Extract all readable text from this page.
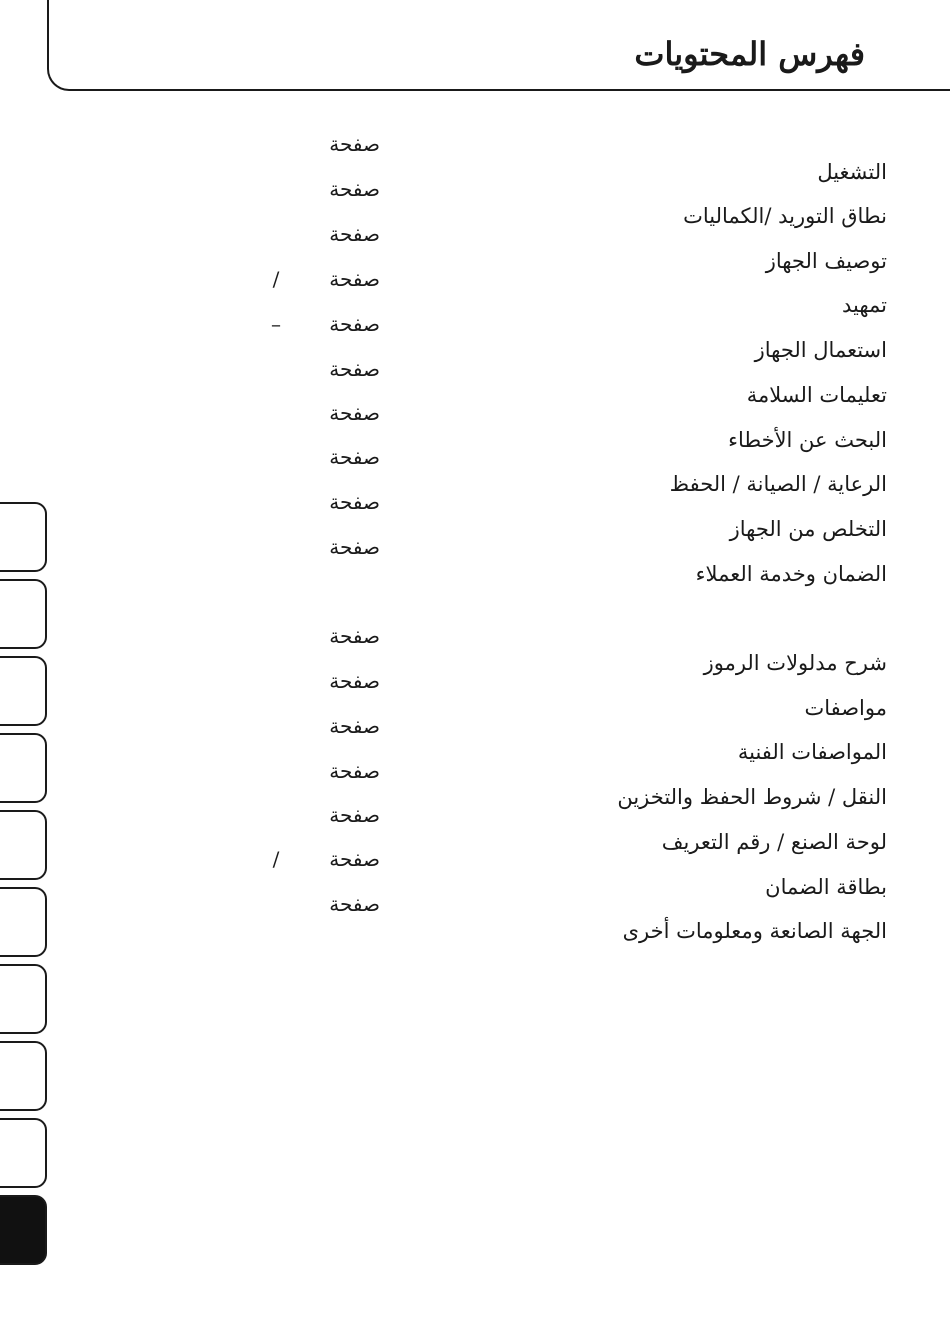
فهرس المحتويات
صفحة
صفحة
صفحة
صفحة
/
صفحة
–
صفحة
صفحة
صفحة
صفحة
صفحة
صفحة
صفحة
صفحة
صفحة
صفحة
صفحة
/
صفحة
التشغيل
نطاق التوريد /الكماليات
توصيف الجهاز
تمهيد
استعمال الجهاز
تعليمات السلامة
البحث عن الأخطاء
الرعاية / الصيانة / الحفظ
التخلص من الجهاز
الضمان وخدمة العملاء
شرح مدلولات الرموز
مواصفات
المواصفات الفنية
النقل / شروط الحفظ والتخزين
لوحة الصنع / رقم التعريف
بطاقة الضمان
الجهة الصانعة ومعلومات أخرى
